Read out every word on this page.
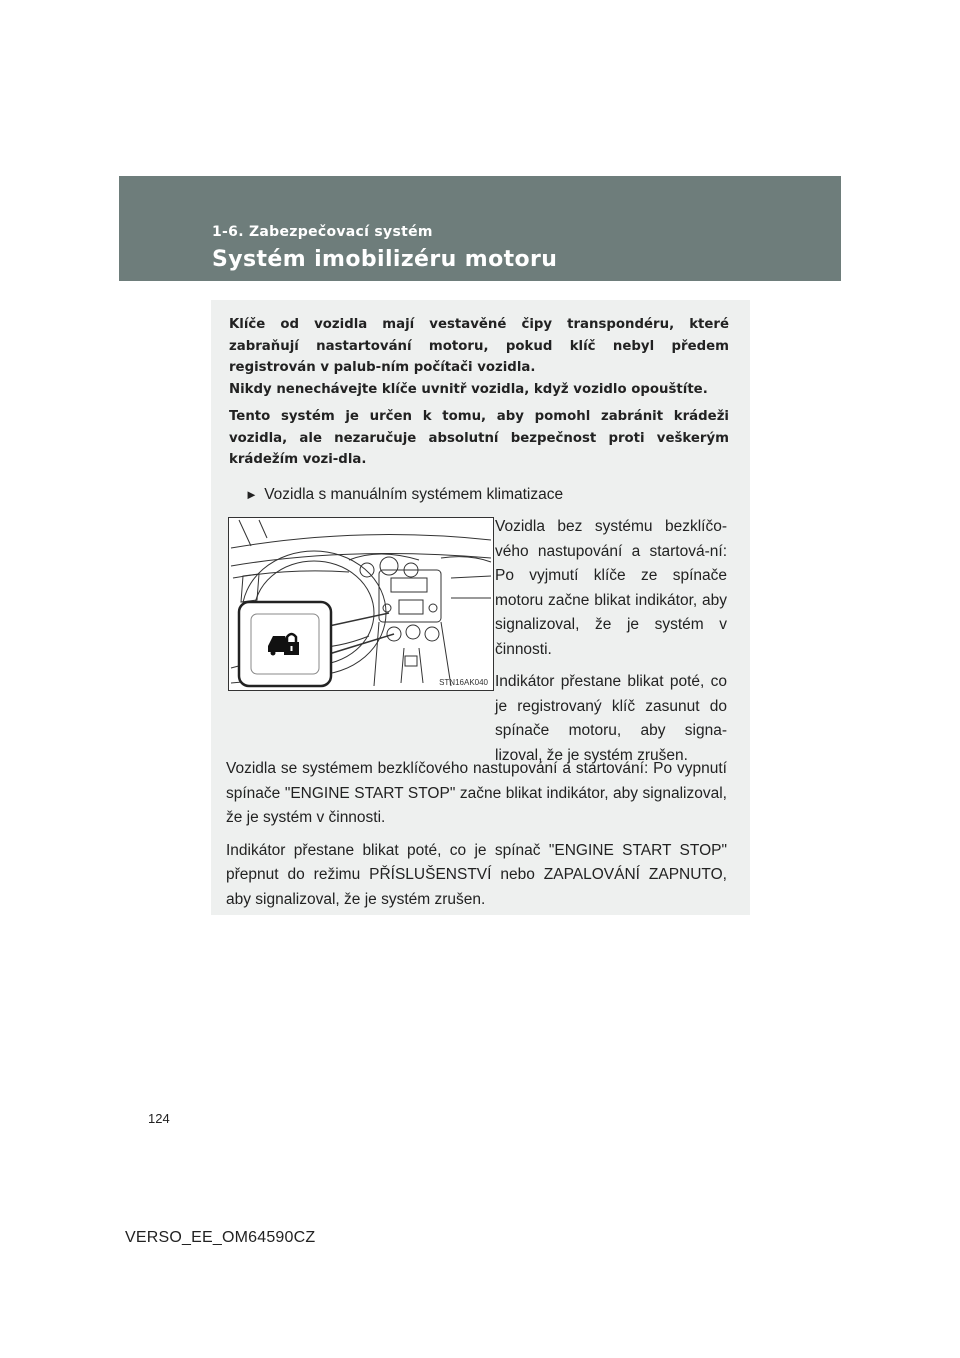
1-6. Zabezpečovací systém
Systém imobilizéru motoru

Klíče od vozidla mají vestavěné čipy transpondéru, které zabraňují nastartování motoru, pokud klíč nebyl předem registrován v palub-ním počítači vozidla.

Nikdy nenechávejte klíče uvnitř vozidla, když vozidlo opouštíte.

Tento systém je určen k tomu, aby pomohl zabránit krádeži vozidla, ale nezaručuje absolutní bezpečnost proti veškerým krádežím vozi-dla.

► Vozidla s manuálním systémem klimatizace
STN16AK040

Vozidla bez systému bezklíčo-vého nastupování a startová-ní: Po vyjmutí klíče ze spínače motoru začne blikat indikátor, aby signalizoval, že je systém v činnosti.

Indikátor přestane blikat poté, co je registrovaný klíč zasunut do spínače motoru, aby signa-lizoval, že je systém zrušen.

Vozidla se systémem bezklíčového nastupování a startování: Po vypnutí spínače "ENGINE START STOP" začne blikat indikátor, aby signalizoval, že je systém v činnosti.

Indikátor přestane blikat poté, co je spínač "ENGINE START STOP" přepnut do režimu PŘÍSLUŠENSTVÍ nebo ZAPALOVÁNÍ ZAPNUTO, aby signalizoval, že je systém zrušen.

124
VERSO_EE_OM64590CZ
